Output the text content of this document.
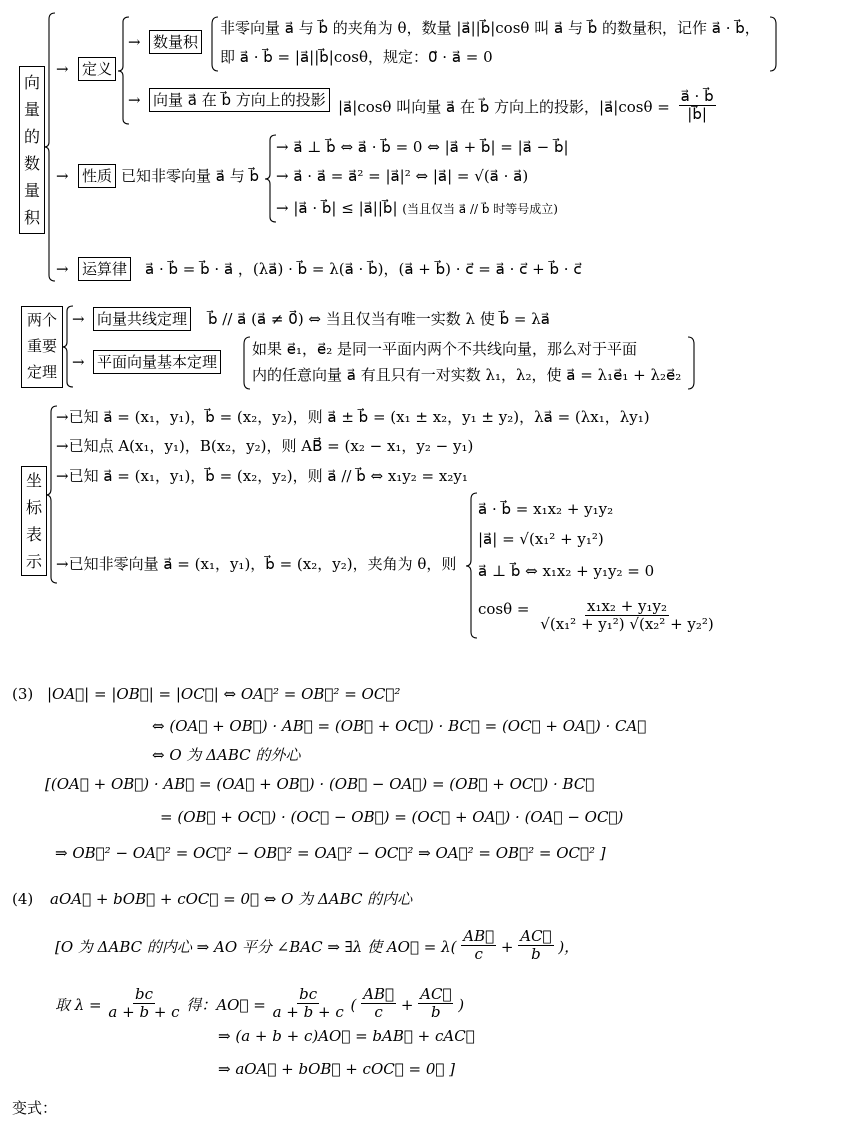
向
量
的
数
量
积
→ 定义
→ 数量积
非零向量 a⃗ 与 b⃗ 的夹角为 θ，数量 |a⃗||b⃗|cosθ 叫 a⃗ 与 b⃗ 的数量积，记作 a⃗ · b⃗，
即 a⃗ · b⃗ = |a⃗||b⃗|cosθ，规定：0⃗ · a⃗ = 0
→ 向量 a⃗ 在 b⃗ 方向上的投影 |a⃗|cosθ 叫向量 a⃗ 在 b⃗ 方向上的投影，|a⃗|cosθ = $\frac{a⃗ \cdot b⃗}{|b⃗|}$
→ 性质 已知非零向量 a⃗ 与 b⃗
→ a⃗ ⊥ b⃗ ⇔ a⃗ · b⃗ = 0 ⇔ |a⃗ + b⃗| = |a⃗ − b⃗|
→ a⃗ · a⃗ = a⃗² = |a⃗|² ⇔ |a⃗| = √(a⃗ · a⃗)
→ |a⃗ · b⃗| ≤ |a⃗||b⃗| (当且仅当 a⃗ // b⃗ 时等号成立)
→ 运算律 a⃗ · b⃗ = b⃗ · a⃗ ，(λa⃗) · b⃗ = λ(a⃗ · b⃗)，(a⃗ + b⃗) · c⃗ = a⃗ · c⃗ + b⃗ · c⃗
两个
重要
定理
→ 向量共线定理 b⃗ // a⃗ (a⃗ ≠ 0⃗) ⇔ 当且仅当有唯一实数 λ 使 b⃗ = λa⃗
→ 平面向量基本定理
如果 e⃗₁，e⃗₂ 是同一平面内两个不共线向量，那么对于平面
内的任意向量 a⃗ 有且只有一对实数 λ₁，λ₂，使 a⃗ = λ₁e⃗₁ + λ₂e⃗₂
坐
标
表
示
→已知 a⃗ = (x₁，y₁)，b⃗ = (x₂，y₂)，则 a⃗ ± b⃗ = (x₁ ± x₂，y₁ ± y₂)，λa⃗ = (λx₁，λy₁)
→已知点 A(x₁，y₁)，B(x₂，y₂)，则 AB⃗ = (x₂ − x₁，y₂ − y₁)
→已知 a⃗ = (x₁，y₁)，b⃗ = (x₂，y₂)，则 a⃗ // b⃗ ⇔ x₁y₂ = x₂y₁
→已知非零向量 a⃗ = (x₁，y₁)，b⃗ = (x₂，y₂)，夹角为 θ，则
a⃗ · b⃗ = x₁x₂ + y₁y₂
|a⃗| = √(x₁² + y₁²)
a⃗ ⊥ b⃗ ⇔ x₁x₂ + y₁y₂ = 0
$\cos\theta = \frac{\text{x₁x₂ + y₁y₂}}{\text{√(x₁² + y₁²) √(x₂² + y₂²)}}$
(3) |OA⃗| = |OB⃗| = |OC⃗| ⇔ OA⃗² = OB⃗² = OC⃗²
⇔ (OA⃗ + OB⃗) · AB⃗ = (OB⃗ + OC⃗) · BC⃗ = (OC⃗ + OA⃗) · CA⃗
⇔ O 为 ΔABC 的外心
[(OA⃗ + OB⃗) · AB⃗ = (OA⃗ + OB⃗) · (OB⃗ − OA⃗) = (OB⃗ + OC⃗) · BC⃗
= (OB⃗ + OC⃗) · (OC⃗ − OB⃗) = (OC⃗ + OA⃗) · (OA⃗ − OC⃗)
⇒ OB⃗² − OA⃗² = OC⃗² − OB⃗² = OA⃗² − OC⃗² ⇒ OA⃗² = OB⃗² = OC⃗² ]
(4) aOA⃗ + bOB⃗ + cOC⃗ = 0⃗ ⇔ O 为 ΔABC 的内心
[O 为 ΔABC 的内心 ⇒ AO 平分 ∠BAC ⇒ ∃λ 使 AO⃗ = $\lambda( \frac{AB⃗}{c} + \frac{AC⃗}{b}$ )，
取 $\lambda = \frac{bc}{a + b + c}$ 得：AO⃗ = $\frac{bc}{a + b + c}$ ( $\frac{AB⃗}{c} + \frac{AC⃗}{b}$ )
⇒ (a + b + c)AO⃗ = bAB⃗ + cAC⃗
⇒ aOA⃗ + bOB⃗ + cOC⃗ = 0⃗ ]
变式：
